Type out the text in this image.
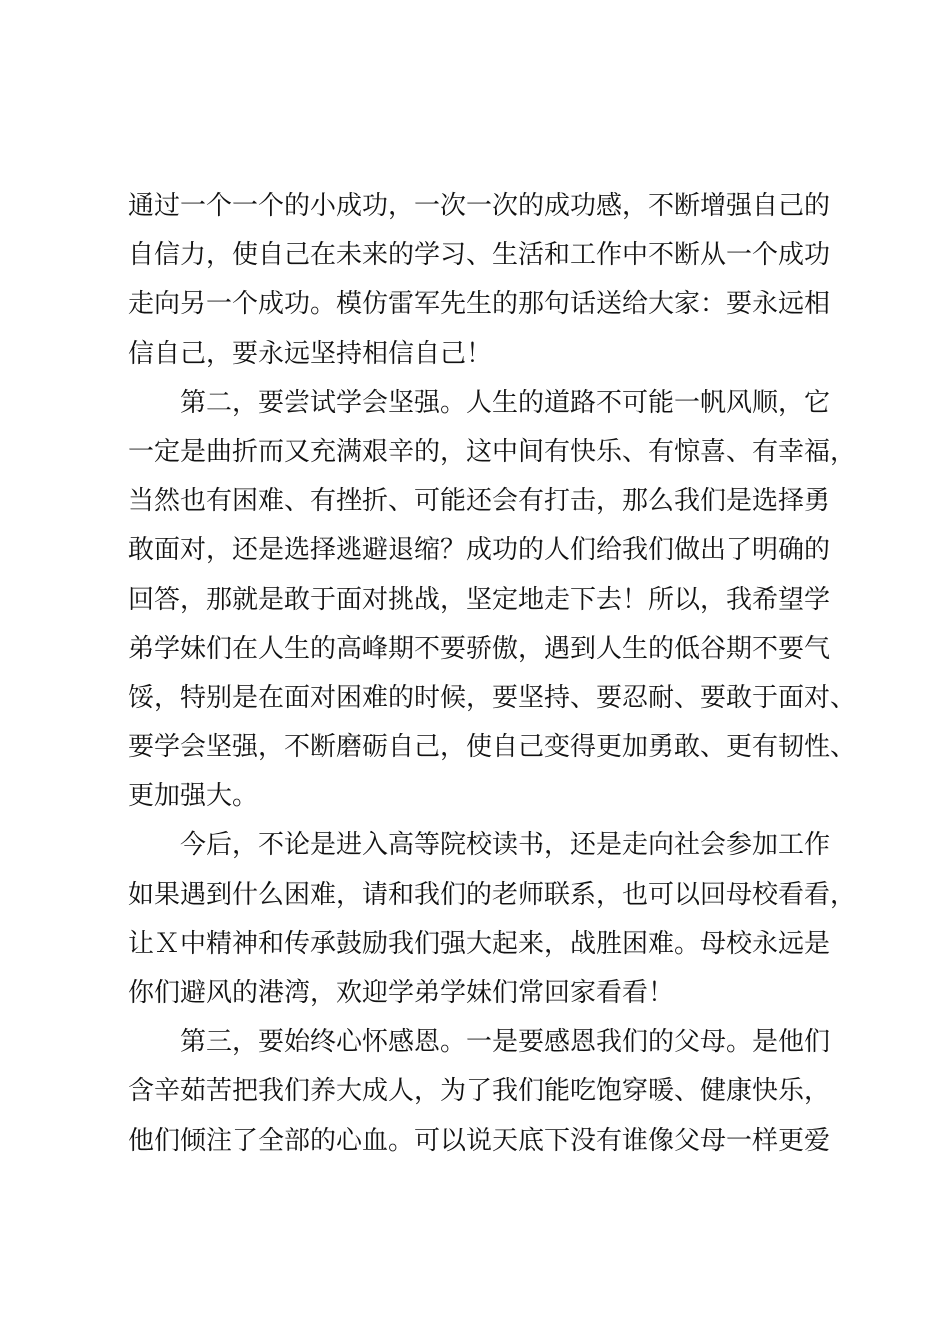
通过一个一个的小成功，一次一次的成功感，不断增强自己的
自信力，使自己在未来的学习、生活和工作中不断从一个成功
走向另一个成功。模仿雷军先生的那句话送给大家：要永远相
信自己，要永远坚持相信自己！
　　第二，要尝试学会坚强。人生的道路不可能一帆风顺，它
一定是曲折而又充满艰辛的，这中间有快乐、有惊喜、有幸福，
当然也有困难、有挫折、可能还会有打击，那么我们是选择勇
敢面对，还是选择逃避退缩？成功的人们给我们做出了明确的
回答，那就是敢于面对挑战，坚定地走下去！所以，我希望学
弟学妹们在人生的高峰期不要骄傲，遇到人生的低谷期不要气
馁，特别是在面对困难的时候，要坚持、要忍耐、要敢于面对、
要学会坚强，不断磨砺自己，使自己变得更加勇敢、更有韧性、
更加强大。
　　今后，不论是进入高等院校读书，还是走向社会参加工作
如果遇到什么困难，请和我们的老师联系，也可以回母校看看，
让Ｘ中精神和传承鼓励我们强大起来，战胜困难。母校永远是
你们避风的港湾，欢迎学弟学妹们常回家看看！
　　第三，要始终心怀感恩。一是要感恩我们的父母。是他们
含辛茹苦把我们养大成人，为了我们能吃饱穿暖、健康快乐，
他们倾注了全部的心血。可以说天底下没有谁像父母一样更爱
